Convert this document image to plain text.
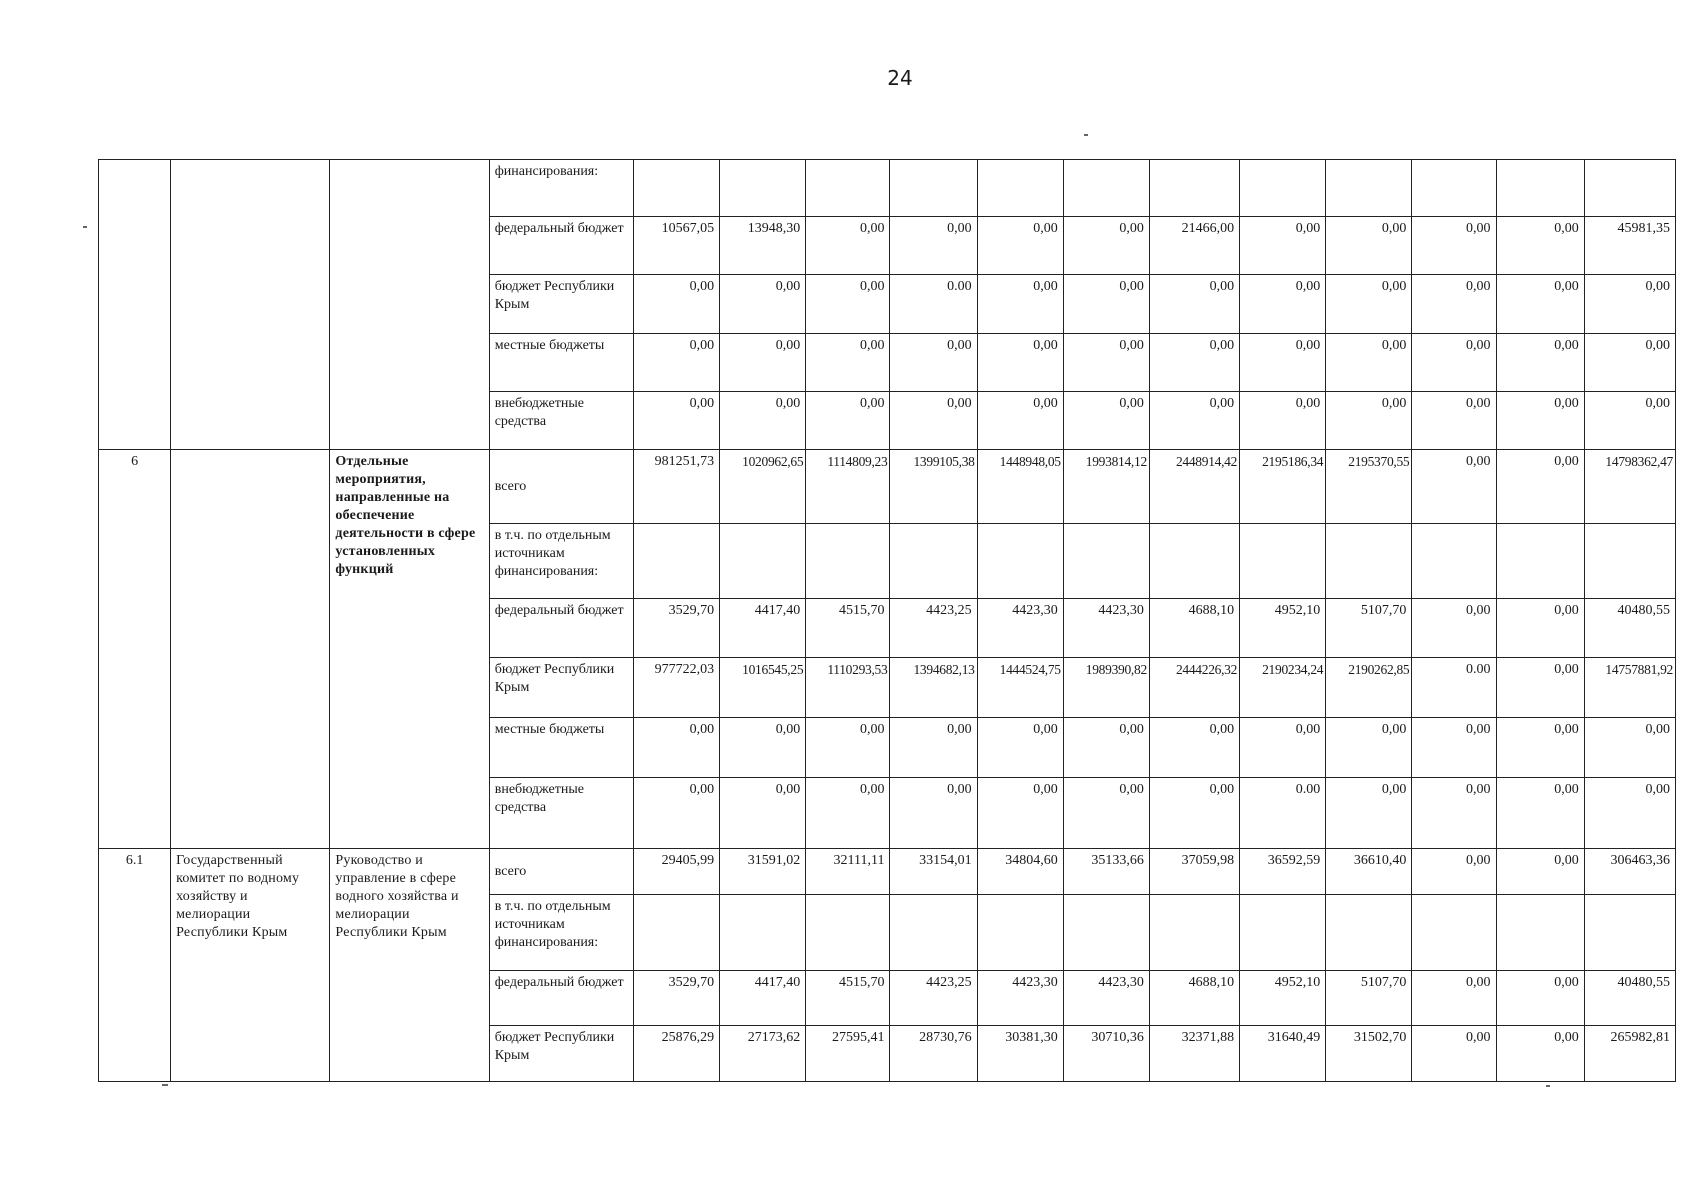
24
			финансирования:												
			федеральный бюджет	10567,05	13948,30	0,00	0,00	0,00	0,00	21466,00	0,00	0,00	0,00	0,00	45981,35
			бюджет Республики Крым	0,00	0,00	0,00	0.00	0,00	0,00	0,00	0,00	0,00	0,00	0,00	0,00
			местные бюджеты	0,00	0,00	0,00	0,00	0,00	0,00	0,00	0,00	0,00	0,00	0,00	0,00
			внебюджетные средства	0,00	0,00	0,00	0,00	0,00	0,00	0,00	0,00	0,00	0,00	0,00	0,00
6		Отдельные мероприятия, направленные на обеспечение деятельности в сфере установленных функций	всего	981251,73	1020962,65	1114809,23	1399105,38	1448948,05	1993814,12	2448914,42	2195186,34	2195370,55	0,00	0,00	14798362,47
			в т.ч. по отдельным источникам финансирования:												
			федеральный бюджет	3529,70	4417,40	4515,70	4423,25	4423,30	4423,30	4688,10	4952,10	5107,70	0,00	0,00	40480,55
			бюджет Республики Крым	977722,03	1016545,25	1110293,53	1394682,13	1444524,75	1989390,82	2444226,32	2190234,24	2190262,85	0.00	0,00	14757881,92
			местные бюджеты	0,00	0,00	0,00	0,00	0,00	0,00	0,00	0,00	0,00	0,00	0,00	0,00
			внебюджетные средства	0,00	0,00	0,00	0,00	0,00	0,00	0,00	0.00	0,00	0,00	0,00	0,00
6.1	Государственный комитет по водному хозяйству и мелиорации Республики Крым	Руководство и управление в сфере водного хозяйства и мелиорации Республики Крым	всего	29405,99	31591,02	32111,11	33154,01	34804,60	35133,66	37059,98	36592,59	36610,40	0,00	0,00	306463,36
			в т.ч. по отдельным источникам финансирования:												
			федеральный бюджет	3529,70	4417,40	4515,70	4423,25	4423,30	4423,30	4688,10	4952,10	5107,70	0,00	0,00	40480,55
			бюджет Республики Крым	25876,29	27173,62	27595,41	28730,76	30381,30	30710,36	32371,88	31640,49	31502,70	0,00	0,00	265982,81
